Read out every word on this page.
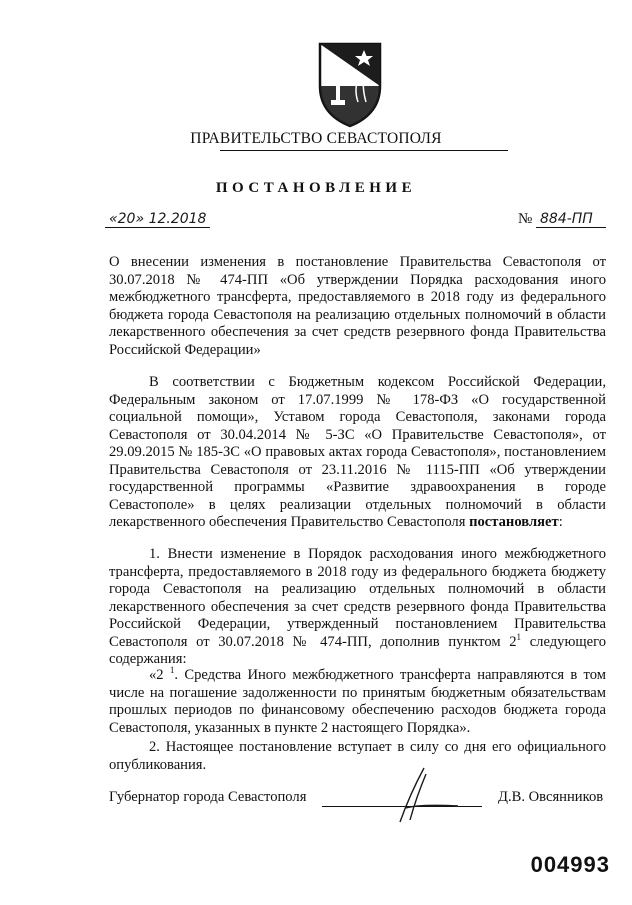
ПРАВИТЕЛЬСТВО СЕВАСТОПОЛЯ
ПОСТАНОВЛЕНИЕ
«20» 12.2018	№
884-ПП
О внесении изменения в постановление Правительства Севастополя от 30.07.2018 № 474-ПП «Об утверждении Порядка расходования иного межбюджетного трансферта, предоставляемого в 2018 году из федерального бюджета города Севастополя на реализацию отдельных полномочий в области лекарственного обеспечения за счет средств резервного фонда Правительства Российской Федерации»
В соответствии с Бюджетным кодексом Российской Федерации, Федеральным законом от 17.07.1999 № 178-ФЗ «О государственной социальной помощи», Уставом города Севастополя, законами города Севастополя от 30.04.2014 № 5-ЗС «О Правительстве Севастополя», от 29.09.2015 № 185-ЗС «О правовых актах города Севастополя», постановлением Правительства Севастополя от 23.11.2016 № 1115-ПП «Об утверждении государственной программы «Развитие здравоохранения в городе Севастополе» в целях реализации отдельных полномочий в области лекарственного обеспечения Правительство Севастополя постановляет:
1. Внести изменение в Порядок расходования иного межбюджетного трансферта, предоставляемого в 2018 году из федерального бюджета бюджету города Севастополя на реализацию отдельных полномочий в области лекарственного обеспечения за счет средств резервного фонда Правительства Российской Федерации, утвержденный постановлением Правительства Севастополя от 30.07.2018 № 474-ПП, дополнив пунктом $2^1$ следующего содержания:
«2 $^1$. Средства Иного межбюджетного трансферта направляются в том числе на погашение задолженности по принятым бюджетным обязательствам прошлых периодов по финансовому обеспечению расходов бюджета города Севастополя, указанных в пункте 2 настоящего Порядка».
2. Настоящее постановление вступает в силу со дня его официального опубликования.
Губернатор города Севастополя	Д.В. Овсянников
004993
